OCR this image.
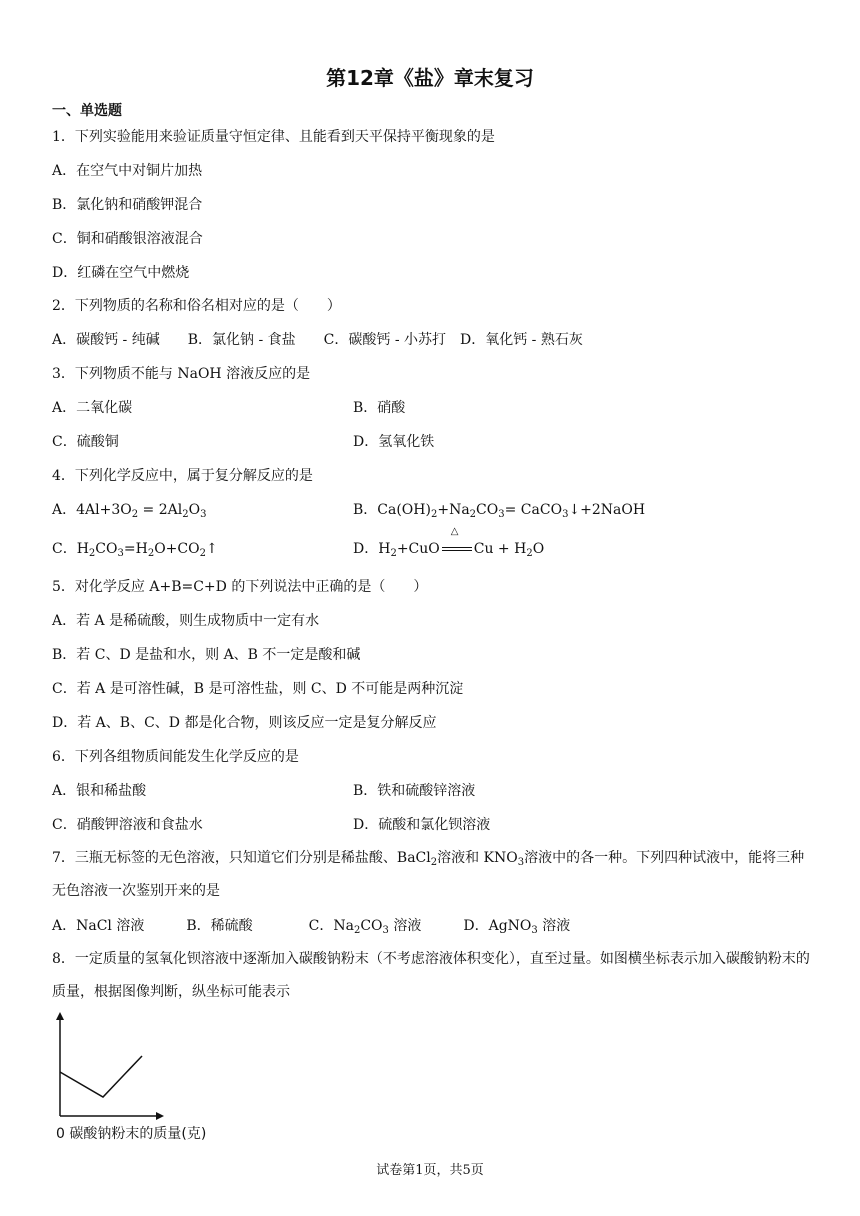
第12章《盐》章末复习
一、单选题
1．下列实验能用来验证质量守恒定律、且能看到天平保持平衡现象的是
A．在空气中对铜片加热
B．氯化钠和硝酸钾混合
C．铜和硝酸银溶液混合
D．红磷在空气中燃烧
2．下列物质的名称和俗名相对应的是（　　）
A．碳酸钙 - 纯碱　　B．氯化钠 - 食盐　　C．碳酸钙 - 小苏打　D．氧化钙 - 熟石灰
3．下列物质不能与 NaOH 溶液反应的是
A．二氧化碳	B．硝酸
C．硫酸铜	D．氢氧化铁
4．下列化学反应中，属于复分解反应的是
A．$4Al+3O_2 = 2Al_2O_3$	B．$Ca(OH)_2+Na_2CO_3=$ CaCO$_3$↓+2NaOH
C．$H_2CO_3=H_2O+CO_2↑$	D．$H_2+CuO$
△
$Cu + H_2O$
5．对化学反应 A+B=C+D 的下列说法中正确的是（　　）
A．若 A 是稀硫酸，则生成物质中一定有水
B．若 C、D 是盐和水，则 A、B 不一定是酸和碱
C．若 A 是可溶性碱，B 是可溶性盐，则 C、D 不可能是两种沉淀
D．若 A、B、C、D 都是化合物，则该反应一定是复分解反应
6．下列各组物质间能发生化学反应的是
A．银和稀盐酸	B．铁和硫酸锌溶液
C．硝酸钾溶液和食盐水	D．硫酸和氯化钡溶液
7．三瓶无标签的无色溶液，只知道它们分别是稀盐酸、BaCl$_2$溶液和 $KNO_3$溶液中的各一种。下列四种试液中，能将三种无色溶液一次鉴别开来的是
A．NaCl 溶液　　　B．稀硫酸　　　　C．$Na_2CO_3$ 溶液　　　D．AgNO$_3$ 溶液
8．一定质量的氢氧化钡溶液中逐渐加入碳酸钠粉末（不考虑溶液体积变化），直至过量。如图横坐标表示加入碳酸钠粉末的质量，根据图像判断，纵坐标可能表示
0 碳酸钠粉末的质量(克)
试卷第1页，共5页
